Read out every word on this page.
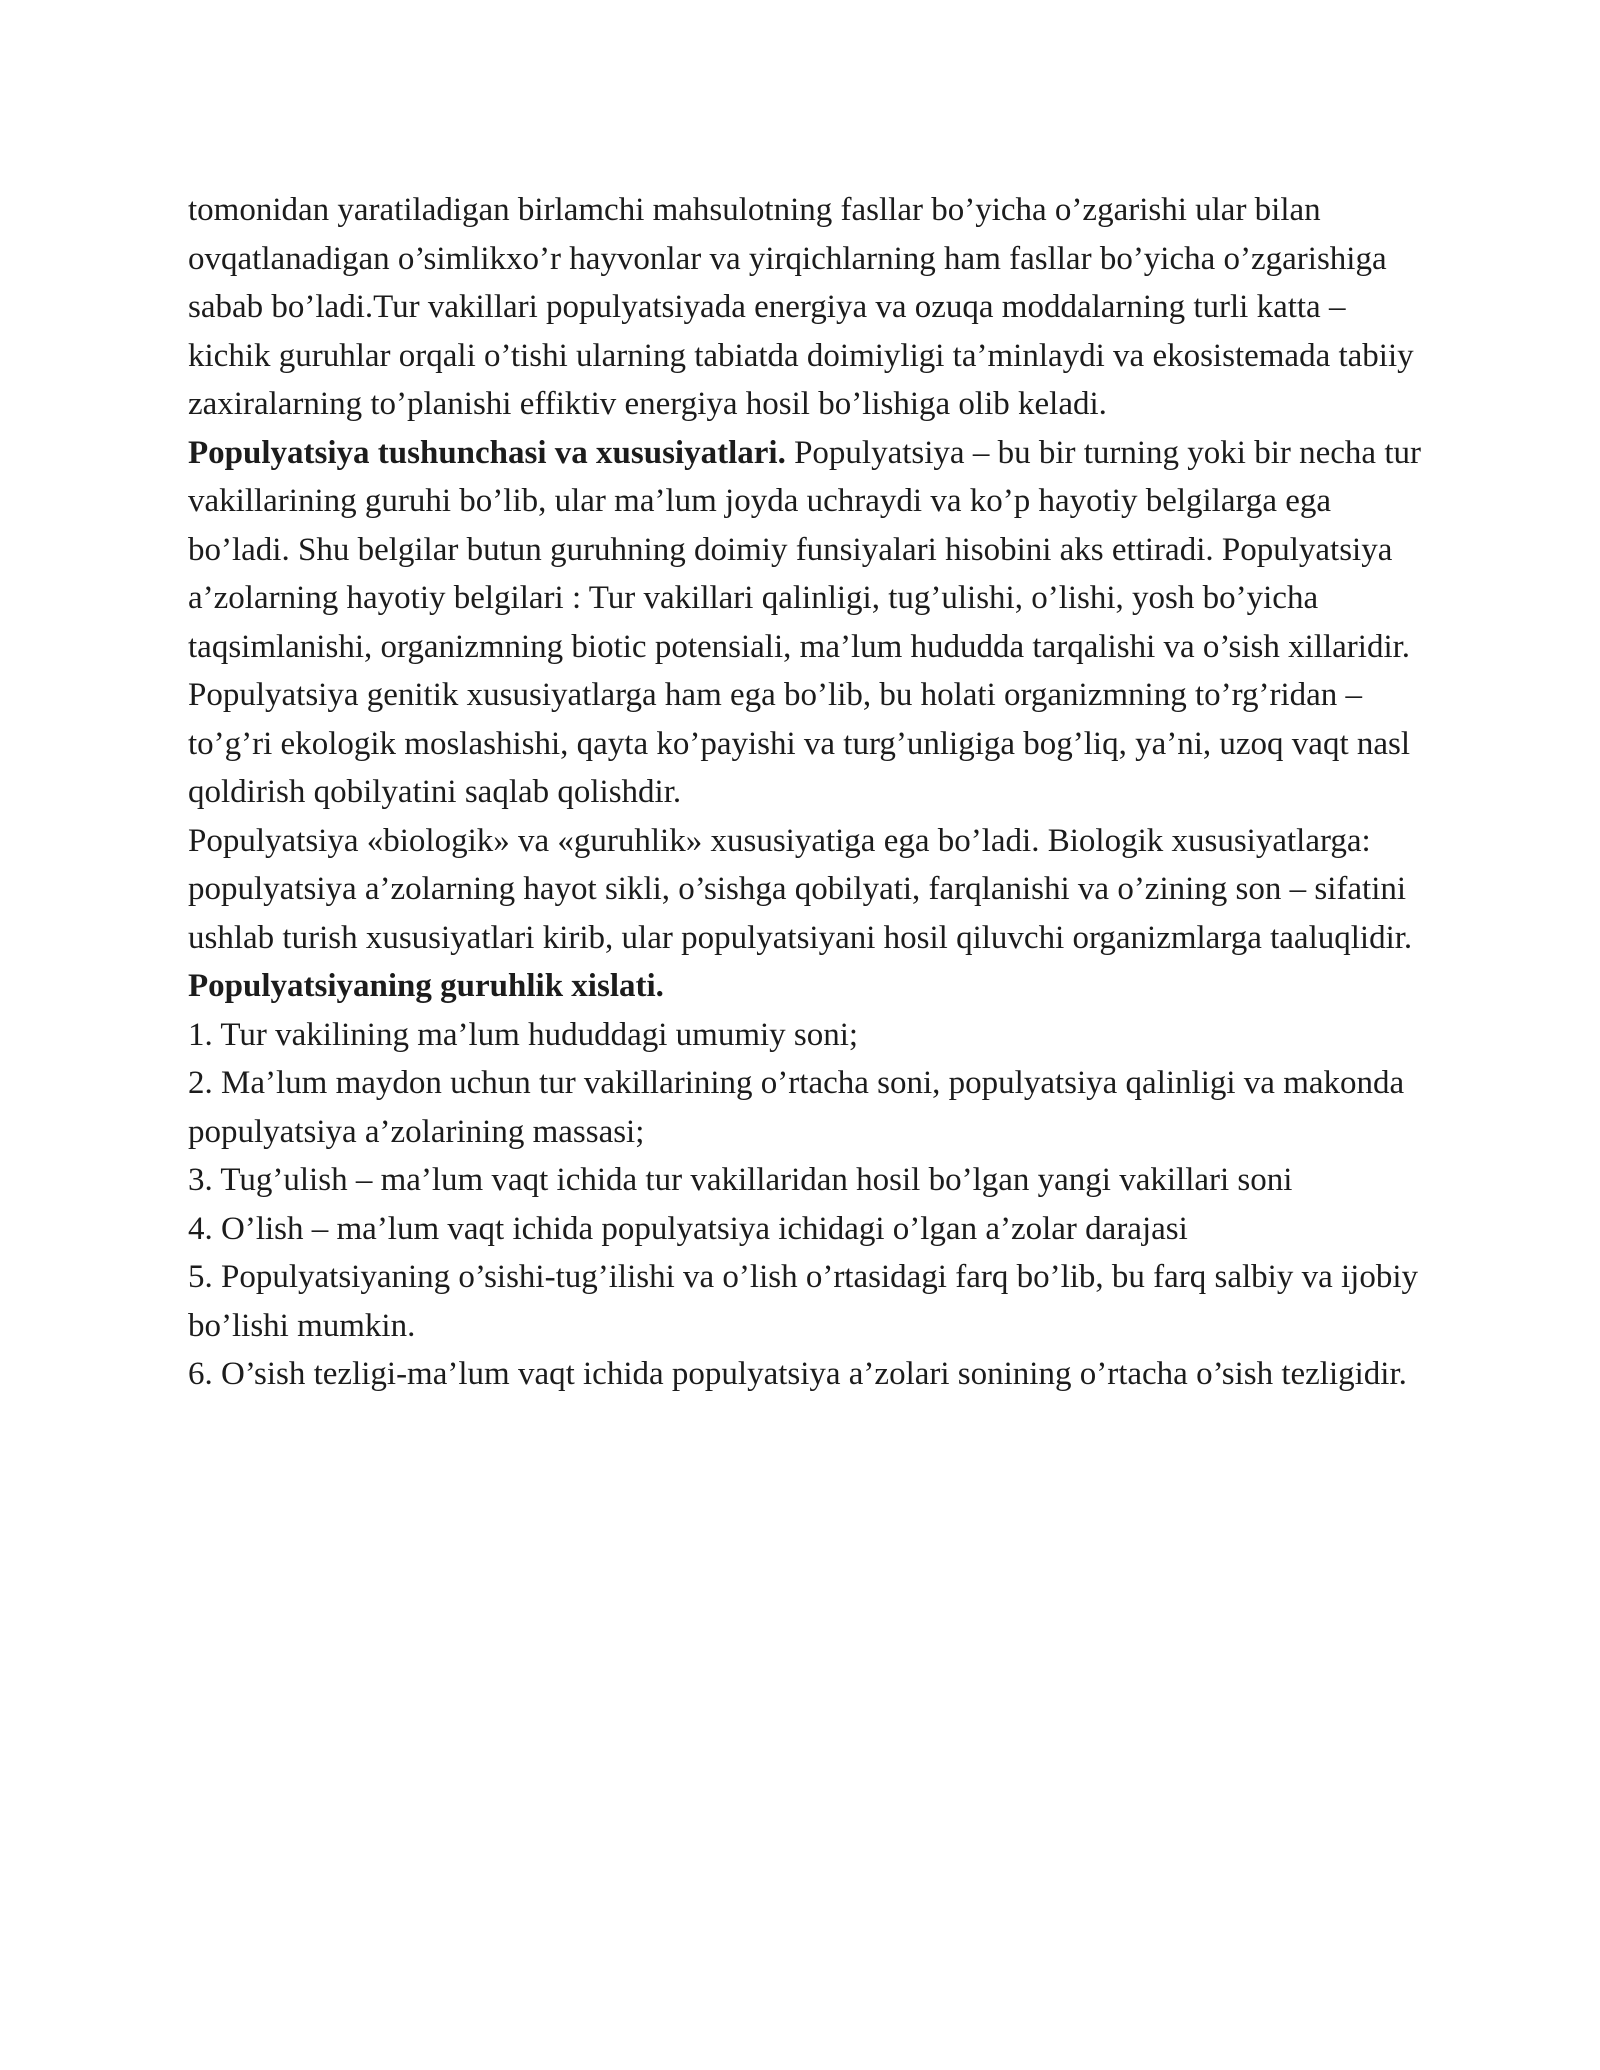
tomonidan yaratiladigan birlamchi mahsulotning fasllar bo’yicha o’zgarishi ular bilan ovqatlanadigan o’simlikxo’r hayvonlar va yirqichlarning ham fasllar bo’yicha o’zgarishiga sabab bo’ladi.Tur vakillari populyatsiyada energiya va ozuqa moddalarning turli katta – kichik guruhlar orqali o’tishi ularning tabiatda doimiyligi ta’minlaydi va ekosistemada tabiiy zaxiralarning to’planishi effiktiv energiya hosil bo’lishiga olib keladi.

Populyatsiya tushunchasi va xususiyatlari. Populyatsiya – bu bir turning yoki bir necha tur vakillarining guruhi bo’lib, ular ma’lum joyda uchraydi va ko’p hayotiy belgilarga ega bo’ladi. Shu belgilar butun guruhning doimiy funsiyalari hisobini aks ettiradi. Populyatsiya a’zolarning hayotiy belgilari : Tur vakillari qalinligi, tug’ulishi, o’lishi, yosh bo’yicha taqsimlanishi, organizmning biotic potensiali, ma’lum hududda tarqalishi va o’sish xillaridir. Populyatsiya genitik xususiyatlarga ham ega bo’lib, bu holati organizmning to’rg’ridan – to’g’ri ekologik moslashishi, qayta ko’payishi va turg’unligiga bog’liq, ya’ni, uzoq vaqt nasl qoldirish qobilyatini saqlab qolishdir.

Populyatsiya «biologik» va «guruhlik» xususiyatiga ega bo’ladi. Biologik xususiyatlarga: populyatsiya a’zolarning hayot sikli, o’sishga qobilyati, farqlanishi va o’zining son – sifatini ushlab turish xususiyatlari kirib, ular populyatsiyani hosil qiluvchi organizmlarga taaluqlidir.

Populyatsiyaning guruhlik xislati.

1. Tur vakilining ma’lum hududdagi umumiy soni;

2. Ma’lum maydon uchun tur vakillarining o’rtacha soni, populyatsiya qalinligi va makonda populyatsiya a’zolarining massasi;

3. Tug’ulish – ma’lum vaqt ichida tur vakillaridan hosil bo’lgan yangi vakillari soni

4. O’lish – ma’lum vaqt ichida populyatsiya ichidagi o’lgan a’zolar darajasi

5. Populyatsiyaning o’sishi-tug’ilishi va o’lish o’rtasidagi farq bo’lib, bu farq salbiy va ijobiy bo’lishi mumkin.

6. O’sish tezligi-ma’lum vaqt ichida populyatsiya a’zolari sonining o’rtacha o’sish tezligidir.
